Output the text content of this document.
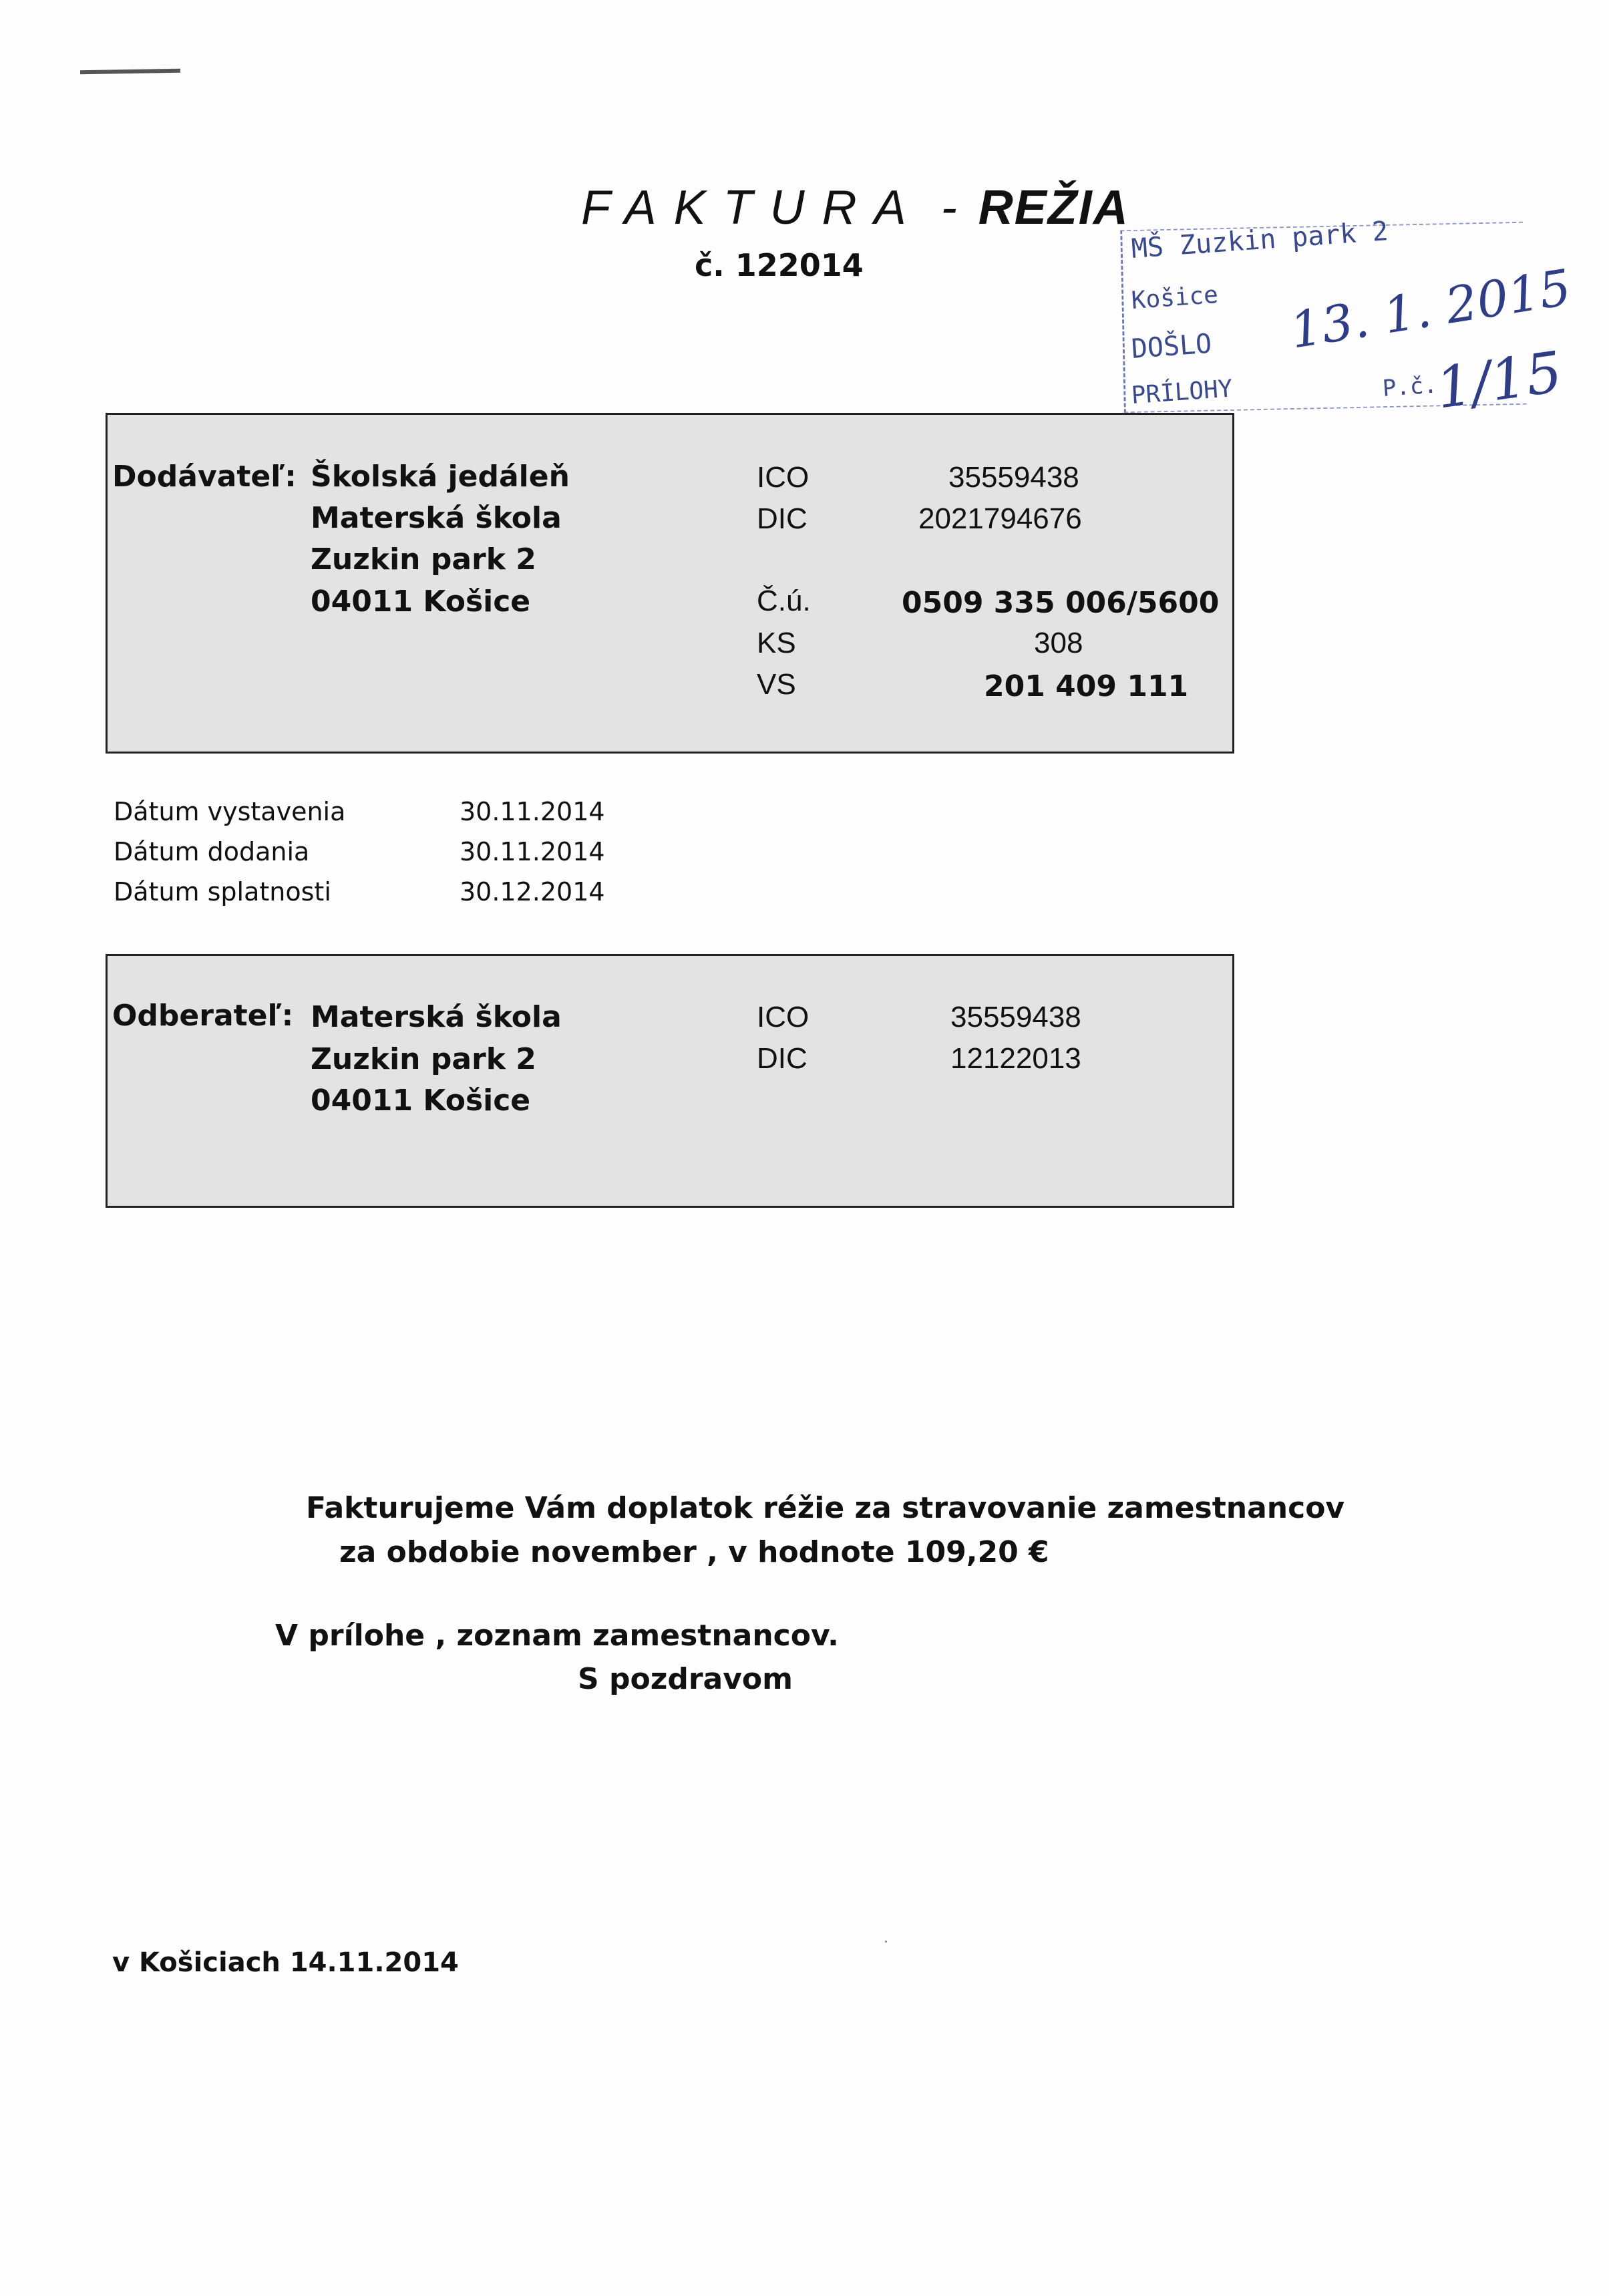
FAKTURA - REŽIA
č. 122014
MŠ Zuzkin park 2
Košice
DOŠLO
PRÍLOHY	P.č.
13. 1. 2015
1/15
Dodávateľ: Školská jedáleň
Materská škola
Zuzkin park 2
04011 Košice
ICO	35559438
DIC	2021794676
Č.ú.	0509 335 006/5600
KS	308
VS	201 409 111
Dátum vystavenia	30.11.2014
Dátum dodania	30.11.2014
Dátum splatnosti	30.12.2014
Odberateľ: Materská škola
Zuzkin park 2
04011 Košice
ICO	35559438
DIC	12122013
Fakturujeme Vám doplatok réžie za stravovanie zamestnancov
za obdobie november , v hodnote 109,20 €
V prílohe , zoznam zamestnancov.
S pozdravom
v Košiciach 14.11.2014
